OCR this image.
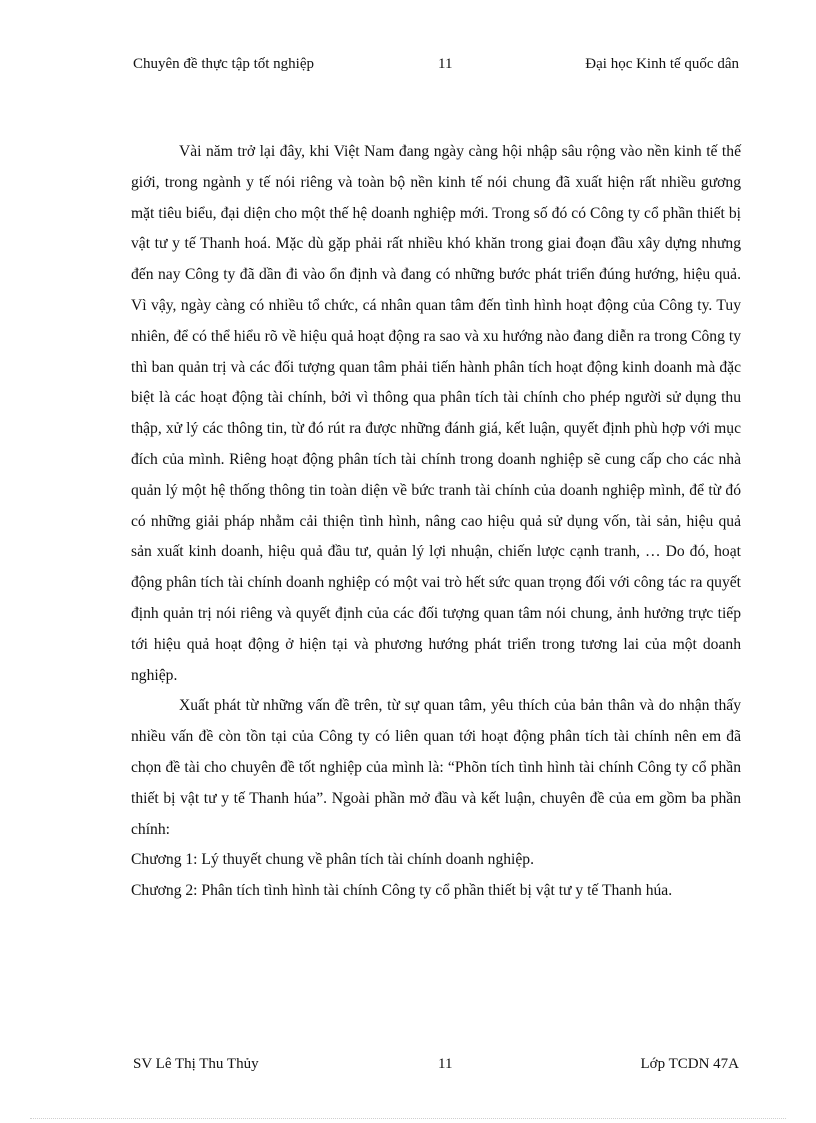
Chuyên đề thực tập tốt nghiệp	11	Đại học Kinh tế quốc dân

Vài năm trở lại đây, khi Việt Nam đang ngày càng hội nhập sâu rộng vào nền kinh tế thế giới, trong ngành y tế nói riêng và toàn bộ nền kinh tế nói chung đã xuất hiện rất nhiều gương mặt tiêu biểu, đại diện cho một thế hệ doanh nghiệp mới. Trong số đó có Công ty cổ phần thiết bị vật tư y tế Thanh hoá. Mặc dù gặp phải rất nhiều khó khăn trong giai đoạn đầu xây dựng nhưng đến nay Công ty đã dần đi vào ổn định và đang có những bước phát triển đúng hướng, hiệu quả. Vì vậy, ngày càng có nhiều tổ chức, cá nhân quan tâm đến tình hình hoạt động của Công ty. Tuy nhiên, để có thể hiểu rõ về hiệu quả hoạt động ra sao và xu hướng nào đang diễn ra trong Công ty thì ban quản trị và các đối tượng quan tâm phải tiến hành phân tích hoạt động kinh doanh mà đặc biệt là các hoạt động tài chính, bởi vì thông qua phân tích tài chính cho phép người sử dụng thu thập, xử lý các thông tin, từ đó rút ra được những đánh giá, kết luận, quyết định phù hợp với mục đích của mình. Riêng hoạt động phân tích tài chính trong doanh nghiệp sẽ cung cấp cho các nhà quản lý một hệ thống thông tin toàn diện về bức tranh tài chính của doanh nghiệp mình, để từ đó có những giải pháp nhằm cải thiện tình hình, nâng cao hiệu quả sử dụng vốn, tài sản, hiệu quả sản xuất kinh doanh, hiệu quả đầu tư, quản lý lợi nhuận, chiến lược cạnh tranh, … Do đó, hoạt động phân tích tài chính doanh nghiệp có một vai trò hết sức quan trọng đối với công tác ra quyết định quản trị nói riêng và quyết định của các đối tượng quan tâm nói chung, ảnh hưởng trực tiếp tới hiệu quả hoạt động ở hiện tại và phương hướng phát triển trong tương lai của một doanh nghiệp.

Xuất phát từ những vấn đề trên, từ sự quan tâm, yêu thích của bản thân và do nhận thấy nhiều vấn đề còn tồn tại của Công ty có liên quan tới hoạt động phân tích tài chính nên em đã chọn đề tài cho chuyên đề tốt nghiệp của mình là: “Phõn tích tình hình tài chính Công ty cổ phần thiết bị vật tư y tế Thanh húa”. Ngoài phần mở đầu và kết luận, chuyên đề của em gồm ba phần chính:

Chương 1: Lý thuyết chung về phân tích tài chính doanh nghiệp.

Chương 2: Phân tích tình hình tài chính Công ty cổ phần thiết bị vật tư y tế Thanh húa.

SV Lê Thị Thu Thủy	11	Lớp TCDN 47A
